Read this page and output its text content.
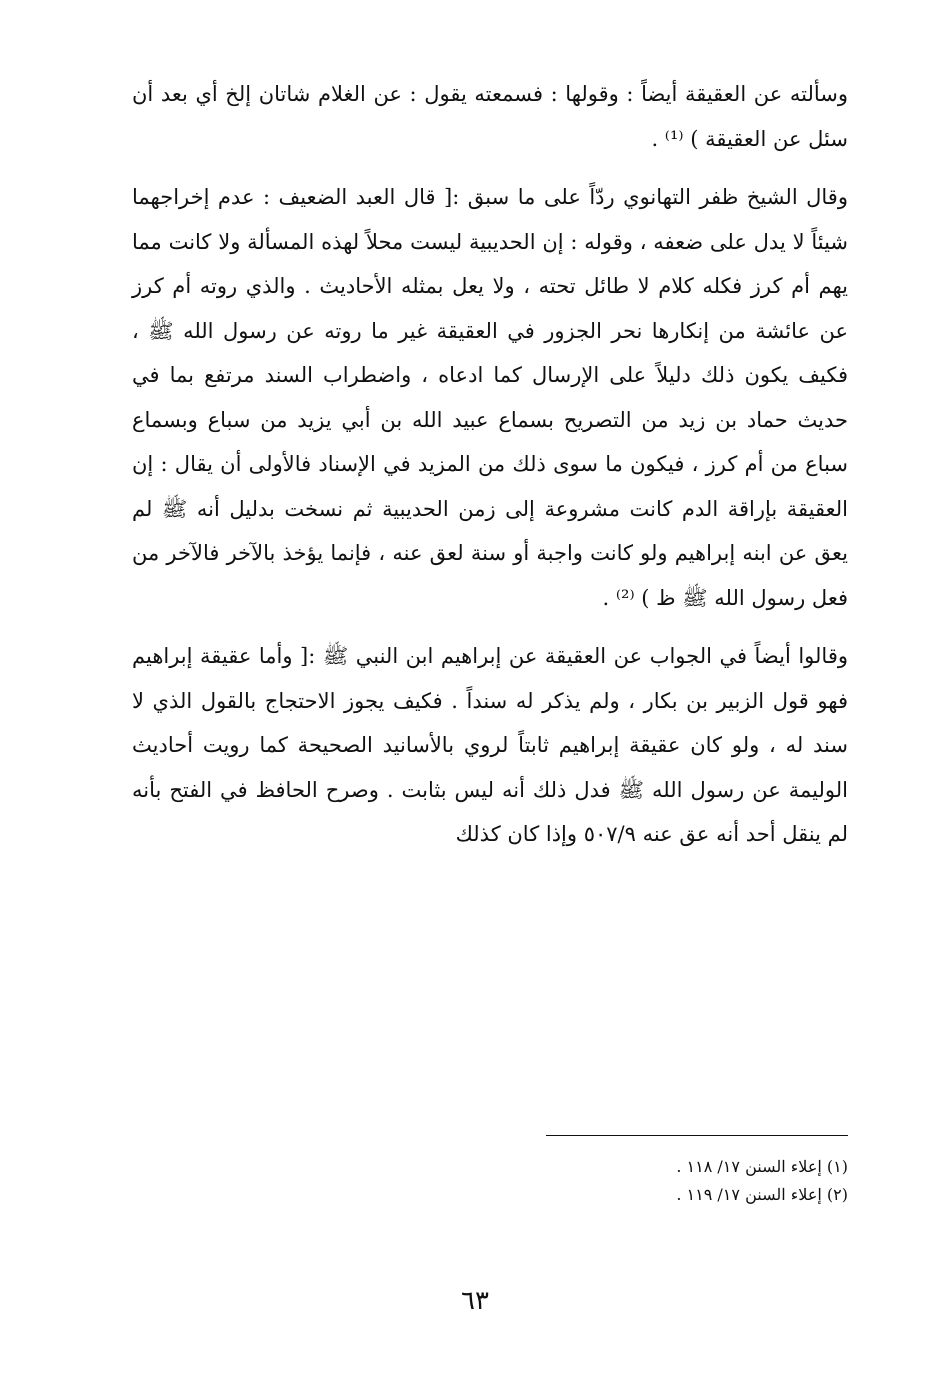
وسألته عن العقيقة أيضاً : وقولها : فسمعته يقول : عن الغلام شاتان إلخ أي بعد أن سئل عن العقيقة ) ⁽¹⁾ .

وقال الشيخ ظفر التهانوي ردّاً على ما سبق :[ قال العبد الضعيف : عدم إخراجهما شيئاً لا يدل على ضعفه ، وقوله : إن الحديبية ليست محلاً لهذه المسألة ولا كانت مما يهم أم كرز فكله كلام لا طائل تحته ، ولا يعل بمثله الأحاديث . والذي روته أم كرز عن عائشة من إنكارها نحر الجزور في العقيقة غير ما روته عن رسول الله ﷺ ، فكيف يكون ذلك دليلاً على الإرسال كما ادعاه ، واضطراب السند مرتفع بما في حديث حماد بن زيد من التصريح بسماع عبيد الله بن أبي يزيد من سباع وبسماع سباع من أم كرز ، فيكون ما سوى ذلك من المزيد في الإسناد فالأولى أن يقال : إن العقيقة بإراقة الدم كانت مشروعة إلى زمن الحديبية ثم نسخت بدليل أنه ﷺ لم يعق عن ابنه إبراهيم ولو كانت واجبة أو سنة لعق عنه ، فإنما يؤخذ بالآخر فالآخر من فعل رسول الله ﷺ ظ ) ⁽²⁾ .

وقالوا أيضاً في الجواب عن العقيقة عن إبراهيم ابن النبي ﷺ :[ وأما عقيقة إبراهيم فهو قول الزبير بن بكار ، ولم يذكر له سنداً . فكيف يجوز الاحتجاج بالقول الذي لا سند له ، ولو كان عقيقة إبراهيم ثابتاً لروي بالأسانيد الصحيحة كما رويت أحاديث الوليمة عن رسول الله ﷺ فدل ذلك أنه ليس بثابت . وصرح الحافظ في الفتح بأنه لم ينقل أحد أنه عق عنه ٥٠٧/٩ وإذا كان كذلك

(١) إعلاء السنن ١٧/ ١١٨ .
(٢) إعلاء السنن ١٧/ ١١٩ .
٦٣
